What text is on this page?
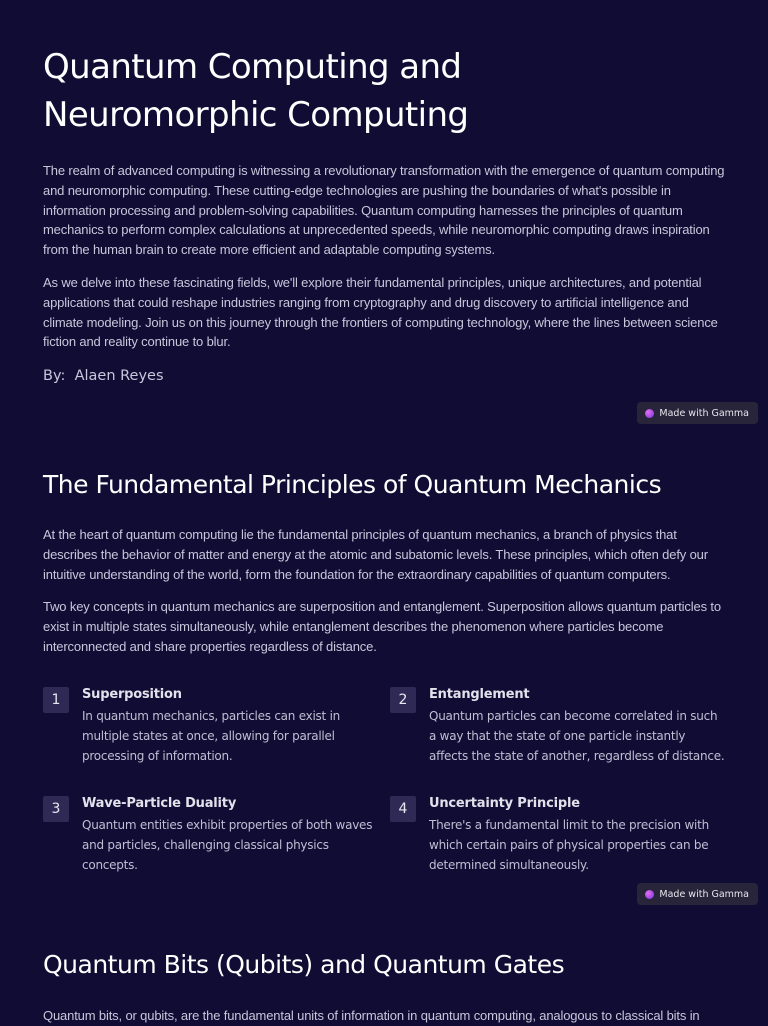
Quantum Computing and
Neuromorphic Computing

The realm of advanced computing is witnessing a revolutionary transformation with the emergence of quantum computing and neuromorphic computing. These cutting-edge technologies are pushing the boundaries of what's possible in information processing and problem-solving capabilities. Quantum computing harnesses the principles of quantum mechanics to perform complex calculations at unprecedented speeds, while neuromorphic computing draws inspiration from the human brain to create more efficient and adaptable computing systems.

As we delve into these fascinating fields, we'll explore their fundamental principles, unique architectures, and potential applications that could reshape industries ranging from cryptography and drug discovery to artificial intelligence and climate modeling. Join us on this journey through the frontiers of computing technology, where the lines between science fiction and reality continue to blur.

By:  Alaen Reyes

Made with Gamma
The Fundamental Principles of Quantum Mechanics

At the heart of quantum computing lie the fundamental principles of quantum mechanics, a branch of physics that describes the behavior of matter and energy at the atomic and subatomic levels. These principles, which often defy our intuitive understanding of the world, form the foundation for the extraordinary capabilities of quantum computers.

Two key concepts in quantum mechanics are superposition and entanglement. Superposition allows quantum particles to exist in multiple states simultaneously, while entanglement describes the phenomenon where particles become interconnected and share properties regardless of distance.

1	Superposition

In quantum mechanics, particles can exist in multiple states at once, allowing for parallel processing of information.

2	Entanglement

Quantum particles can become correlated in such a way that the state of one particle instantly affects the state of another, regardless of distance.

3	Wave-Particle Duality

Quantum entities exhibit properties of both waves and particles, challenging classical physics concepts.

4	Uncertainty Principle

There's a fundamental limit to the precision with which certain pairs of physical properties can be determined simultaneously.

Made with Gamma
Quantum Bits (Qubits) and Quantum Gates

Quantum bits, or qubits, are the fundamental units of information in quantum computing, analogous to classical bits in
